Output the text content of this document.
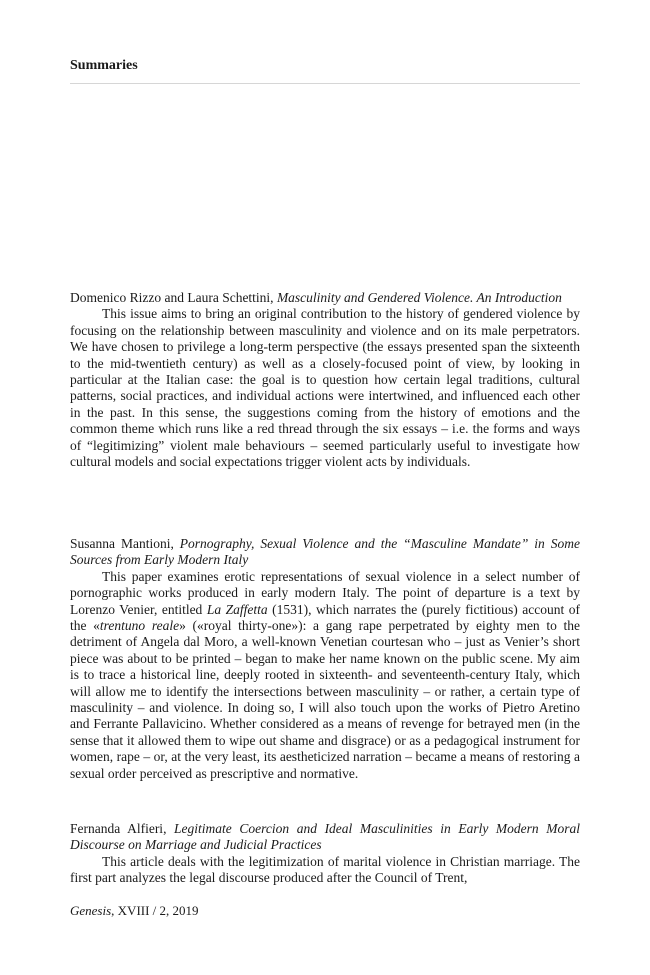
Summaries

Domenico Rizzo and Laura Schettini, Masculinity and Gendered Violence. An Introduction

This issue aims to bring an original contribution to the history of gendered violence by focusing on the relationship between masculinity and violence and on its male perpetrators. We have chosen to privilege a long-term perspective (the essays presented span the sixteenth to the mid-twentieth century) as well as a closely-focused point of view, by looking in particular at the Italian case: the goal is to question how certain legal traditions, cultural patterns, social practices, and individual actions were intertwined, and influenced each other in the past. In this sense, the suggestions coming from the history of emotions and the common theme which runs like a red thread through the six essays – i.e. the forms and ways of “legitimizing” violent male behaviours – seemed particularly useful to investigate how cultural models and social expectations trigger violent acts by individuals.

Susanna Mantioni, Pornography, Sexual Violence and the “Masculine Mandate” in Some Sources from Early Modern Italy

This paper examines erotic representations of sexual violence in a select number of pornographic works produced in early modern Italy. The point of departure is a text by Lorenzo Venier, entitled La Zaffetta (1531), which narrates the (purely fictitious) account of the «trentuno reale» («royal thirty-one»): a gang rape perpetrated by eighty men to the detriment of Angela dal Moro, a well-known Venetian courtesan who – just as Venier’s short piece was about to be printed – began to make her name known on the public scene. My aim is to trace a historical line, deeply rooted in sixteenth- and seventeenth-century Italy, which will allow me to identify the intersections between masculinity – or rather, a certain type of masculinity – and violence. In doing so, I will also touch upon the works of Pietro Aretino and Ferrante Pallavicino. Whether considered as a means of revenge for betrayed men (in the sense that it allowed them to wipe out shame and disgrace) or as a pedagogical instrument for women, rape – or, at the very least, its aestheticized narration – became a means of restoring a sexual order perceived as prescriptive and normative.

Fernanda Alfieri, Legitimate Coercion and Ideal Masculinities in Early Modern Moral Discourse on Marriage and Judicial Practices

This article deals with the legitimization of marital violence in Christian marriage. The first part analyzes the legal discourse produced after the Council of Trent,

Genesis, XVIII / 2, 2019
